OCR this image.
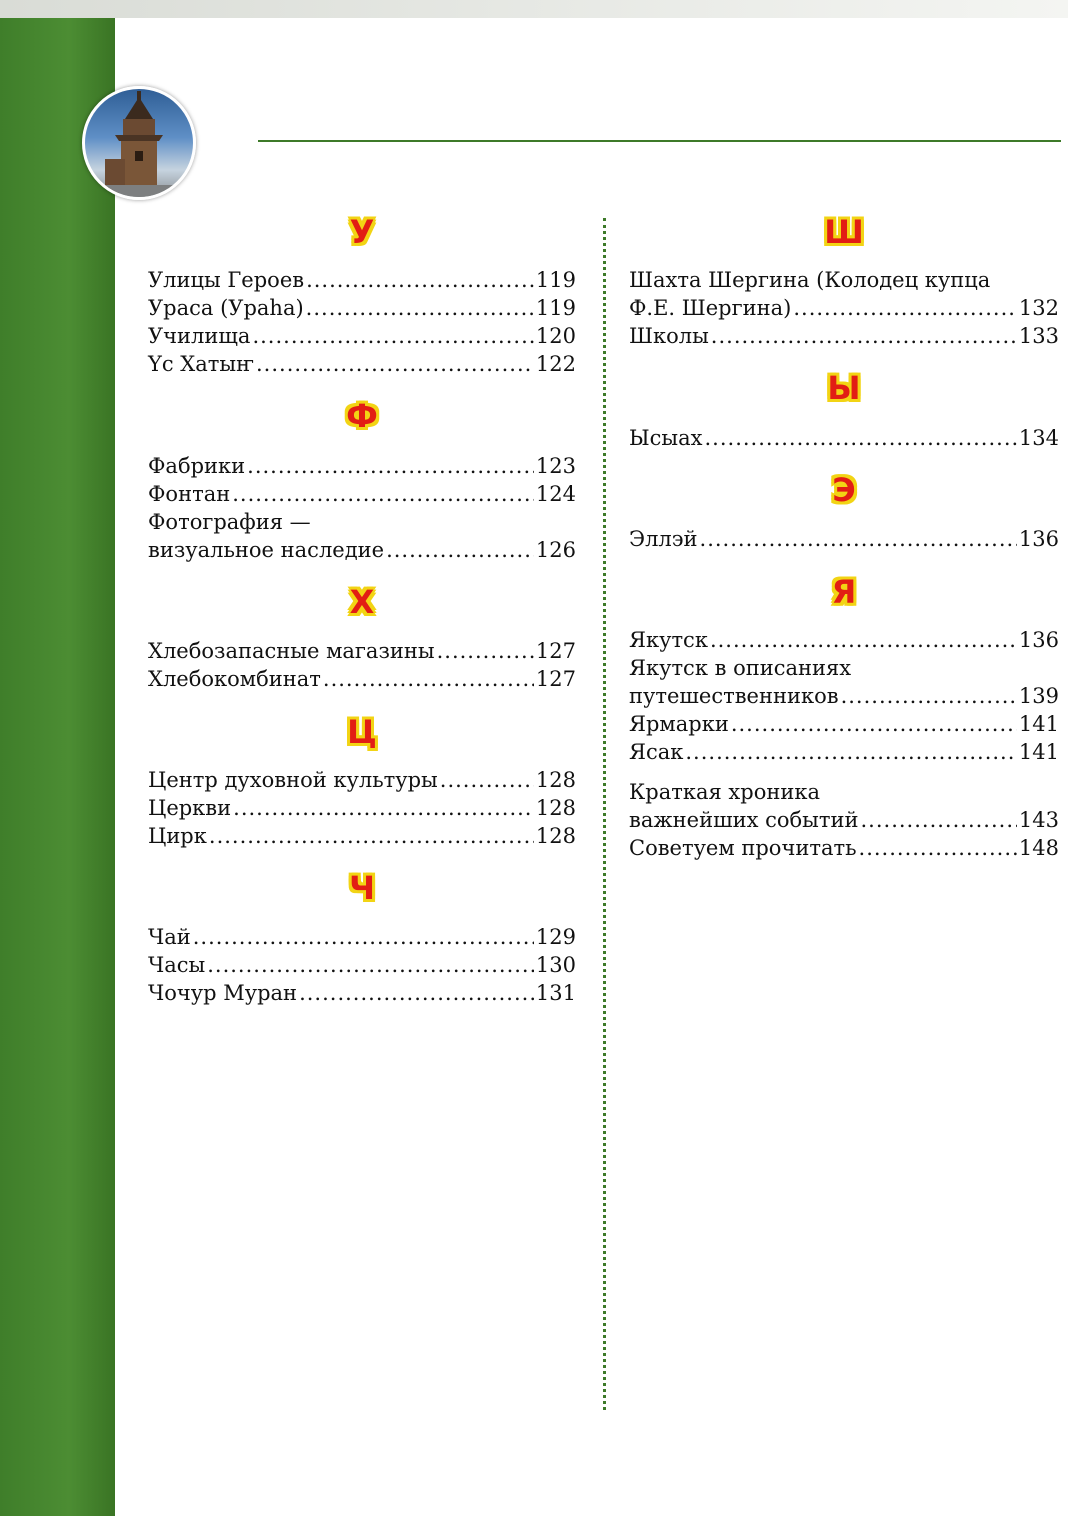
У
Улицы Героев .....	119
Ураса (Ураһа) .....	119
Училища .....	120
Үс Хатыҥ .....	122
Ф
Фабрики .....	123
Фонтан .....	124
Фотография —
визуальное наследие .....	126
Х
Хлебозапасные магазины .....	127
Хлебокомбинат .....	127
Ц
Центр духовной культуры .....	128
Церкви .....	128
Цирк .....	128
Ч
Чай .....	129
Часы .....	130
Чочур Муран .....	131
Ш
Шахта Шергина (Колодец купца
Ф.Е. Шергина) .....	132
Школы .....	133
Ы
Ысыах .....	134
Э
Эллэй .....	136
Я
Якутск .....	136
Якутск в описаниях
путешественников .....	139
Ярмарки .....	141
Ясак .....	141
Краткая хроника
важнейших событий .....	143
Советуем прочитать .....	148
